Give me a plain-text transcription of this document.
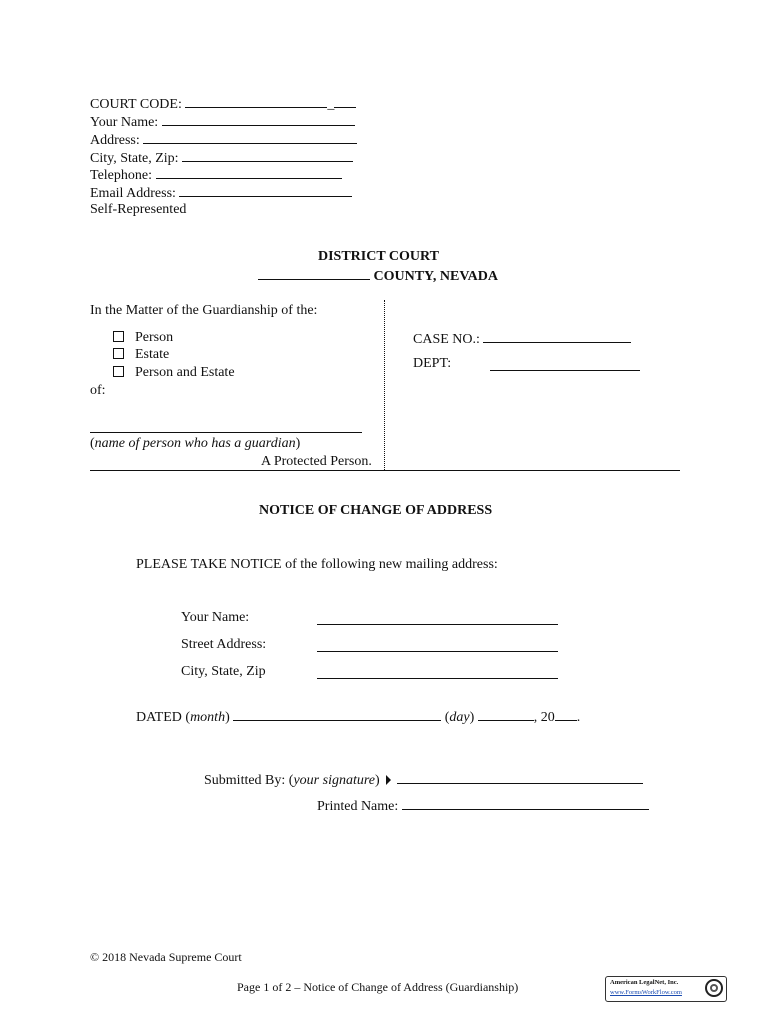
COURT CODE:	_
Your Name:
Address:
City, State, Zip:
Telephone:
Email Address:
Self-Represented
DISTRICT COURT
COUNTY, NEVADA
In the Matter of the Guardianship of the:
Person
Estate
Person and Estate
of:
(name of person who has a guardian)
A Protected Person.
CASE NO.:
DEPT:
NOTICE OF CHANGE OF ADDRESS
PLEASE TAKE NOTICE of the following new mailing address:
Your Name:
Street Address:
City, State, Zip
DATED (month)	(day)	, 20 .
Submitted By: (your signature)
Printed Name:
© 2018 Nevada Supreme Court
Page 1 of 2 – Notice of Change of Address (Guardianship)	American LegalNet, Inc.
www.FormsWorkFlow.com
